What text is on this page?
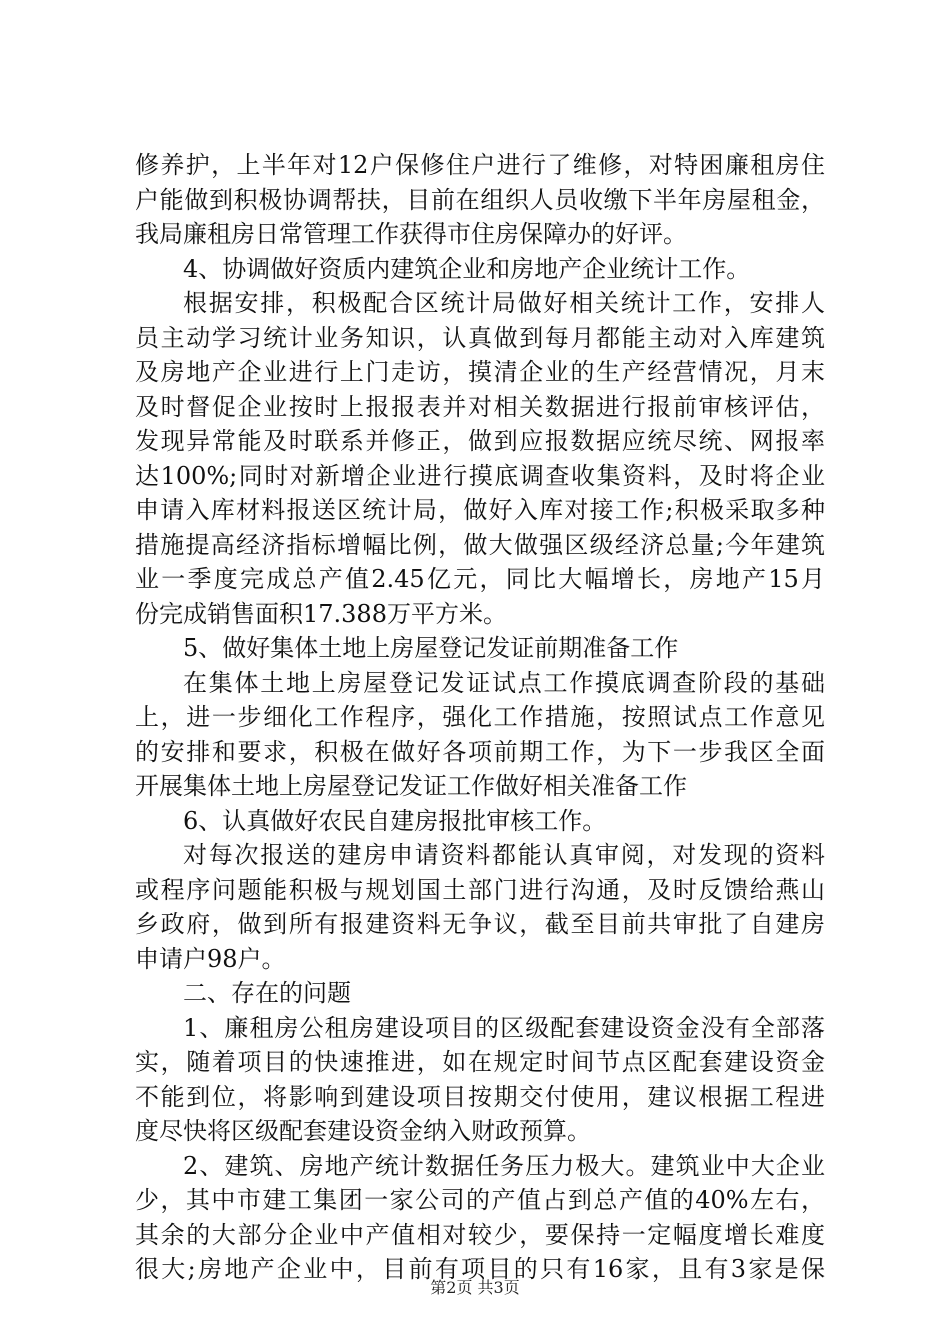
修养护，上半年对12户保修住户进行了维修，对特困廉租房住
户能做到积极协调帮扶，目前在组织人员收缴下半年房屋租金，
我局廉租房日常管理工作获得市住房保障办的好评。
4、协调做好资质内建筑企业和房地产企业统计工作。
根据安排，积极配合区统计局做好相关统计工作，安排人
员主动学习统计业务知识，认真做到每月都能主动对入库建筑
及房地产企业进行上门走访，摸清企业的生产经营情况，月末
及时督促企业按时上报报表并对相关数据进行报前审核评估，
发现异常能及时联系并修正，做到应报数据应统尽统、网报率
达100%;同时对新增企业进行摸底调查收集资料，及时将企业
申请入库材料报送区统计局，做好入库对接工作;积极采取多种
措施提高经济指标增幅比例，做大做强区级经济总量;今年建筑
业一季度完成总产值2.45亿元，同比大幅增长，房地产15月
份完成销售面积17.388万平方米。
5、做好集体土地上房屋登记发证前期准备工作
在集体土地上房屋登记发证试点工作摸底调查阶段的基础
上，进一步细化工作程序，强化工作措施，按照试点工作意见
的安排和要求，积极在做好各项前期工作，为下一步我区全面
开展集体土地上房屋登记发证工作做好相关准备工作
6、认真做好农民自建房报批审核工作。
对每次报送的建房申请资料都能认真审阅，对发现的资料
或程序问题能积极与规划国土部门进行沟通，及时反馈给燕山
乡政府，做到所有报建资料无争议，截至目前共审批了自建房
申请户98户。
二、存在的问题
1、廉租房公租房建设项目的区级配套建设资金没有全部落
实，随着项目的快速推进，如在规定时间节点区配套建设资金
不能到位，将影响到建设项目按期交付使用，建议根据工程进
度尽快将区级配套建设资金纳入财政预算。
2、建筑、房地产统计数据任务压力极大。建筑业中大企业
少，其中市建工集团一家公司的产值占到总产值的40%左右，
其余的大部分企业中产值相对较少，要保持一定幅度增长难度
很大;房地产企业中，目前有项目的只有16家，且有3家是保
第2页 共3页
